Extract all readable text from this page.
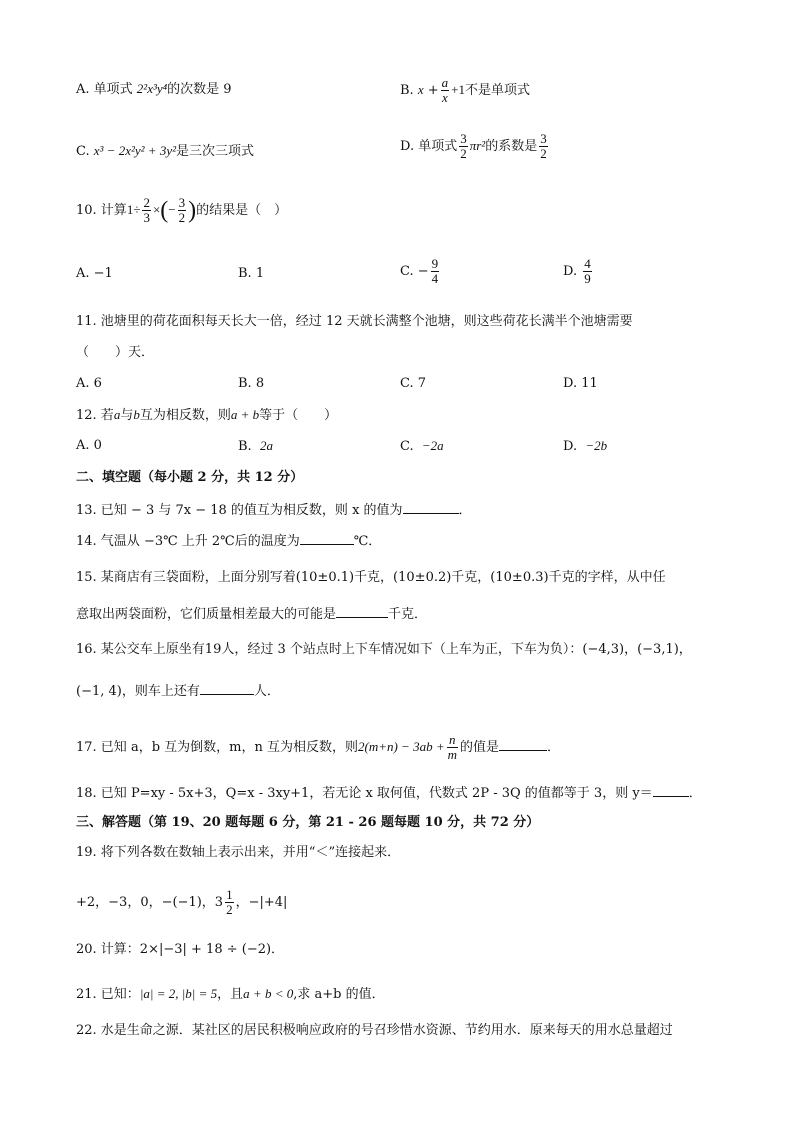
A. 单项式 2²x³y⁴的次数是 9	B. $x + \frac{a}{x} +1$不是单项式
C. x³ − 2x²y² + 3y²是三次三项式	D. 单项式 $\frac{3}{2} \pi r^2$的系数是 $\frac{3}{2}$
10. 计算$1\div \frac{2}{3}$ ×(− $\frac{3}{2}$ )的结果是（　）
A. −1	B. 1	C. − $\frac{9}{4}$	D. $\frac{4}{9}$
11. 池塘里的荷花面积每天长大一倍，经过 12 天就长满整个池塘，则这些荷花长满半个池塘需要
（　　）天．
A. 6	B. 8	C. 7	D. 11
12. 若a与b互为相反数，则a + b等于（　　）
A. 0	B. 2a	C. −2a	D. −2b
二、填空题（每小题 2 分，共 12 分）
13. 已知 − 3 与 7x − 18 的值互为相反数，则 x 的值为	．
14. 气温从 −3℃ 上升 2℃后的温度为	℃．
15. 某商店有三袋面粉，上面分别写着(10±0.1)千克，(10±0.2)千克，(10±0.3)千克的字样，从中任
意取出两袋面粉，它们质量相差最大的可能是	千克．
16. 某公交车上原坐有19人，经过 3 个站点时上下车情况如下（上车为正，下车为负）：(−4,3)，(−3,1)，
(−1, 4)，则车上还有	人．
17. 已知 a，b 互为倒数，m，n 互为相反数，则$2(m+n) - 3ab + \frac{n}{m}$ 的值是	．
18. 已知 P=xy - 5x+3，Q=x - 3xy+1，若无论 x 取何值，代数式 2P - 3Q 的值都等于 3，则 y＝	．
三、解答题（第 19、20 题每题 6 分，第 21 - 26 题每题 10 分，共 72 分）
19. 将下列各数在数轴上表示出来，并用“＜”连接起来．
+2，−3，0，−(−1)，$3 \frac{1}{2}$ ，−|+4|
20. 计算：2×|−3| + 18 ÷ (−2)．
21. 已知：|a| = 2, |b| = 5，且a + b < 0,求 a+b 的值．
22. 水是生命之源．某社区的居民积极响应政府的号召珍惜水资源、节约用水．原来每天的用水总量超过
